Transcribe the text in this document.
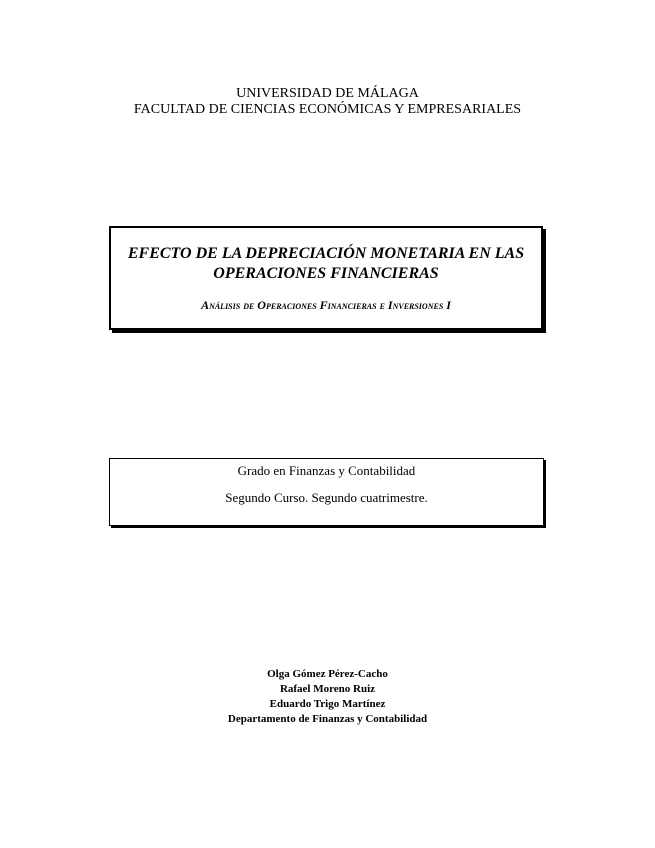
UNIVERSIDAD DE MÁLAGA
FACULTAD DE CIENCIAS ECONÓMICAS Y EMPRESARIALES
EFECTO DE LA DEPRECIACIÓN MONETARIA EN LAS
OPERACIONES FINANCIERAS
Análisis de Operaciones Financieras e Inversiones I
Grado en Finanzas y Contabilidad
Segundo Curso. Segundo cuatrimestre.
Olga Gómez Pérez-Cacho
Rafael Moreno Ruiz
Eduardo Trigo Martínez
Departamento de Finanzas y Contabilidad
